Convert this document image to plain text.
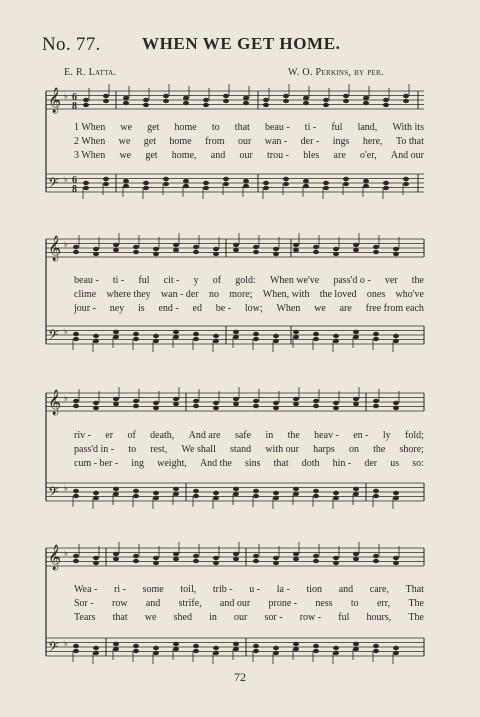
No. 77. WHEN WE GET HOME.
E. R. Latta.	W. O. Perkins, by per.
𝄞 ♭ 6
8
𝄢 ♭ 6
8
1 When we get home to that beau - ti - ful land, With its
2 When we get home from our wan - der - ings here, To that
3 When we get home, and our trou - bles are o'er, And our
𝄞 ♭
𝄢 ♭
beau - ti - ful cit - y of gold: When we've pass'd o - ver the
clime where they wan - der no more; When, with the loved ones who've
jour - ney is end - ed be - low; When we are free from each
𝄞 ♭
𝄢 ♭
riv - er of death, And are safe in the heav - en - ly fold;
pass'd in - to rest, We shall stand with our harps on the shore;
cum - ber - ing weight, And the sins that doth hin - der us so:
𝄞 ♭
𝄢 ♭
Wea - ri - some toil, trib - u - la - tion and care, That
Sor - row and strife, and our prone - ness to err, The
Tears that we shed in our sor - row - ful hours, The
72
